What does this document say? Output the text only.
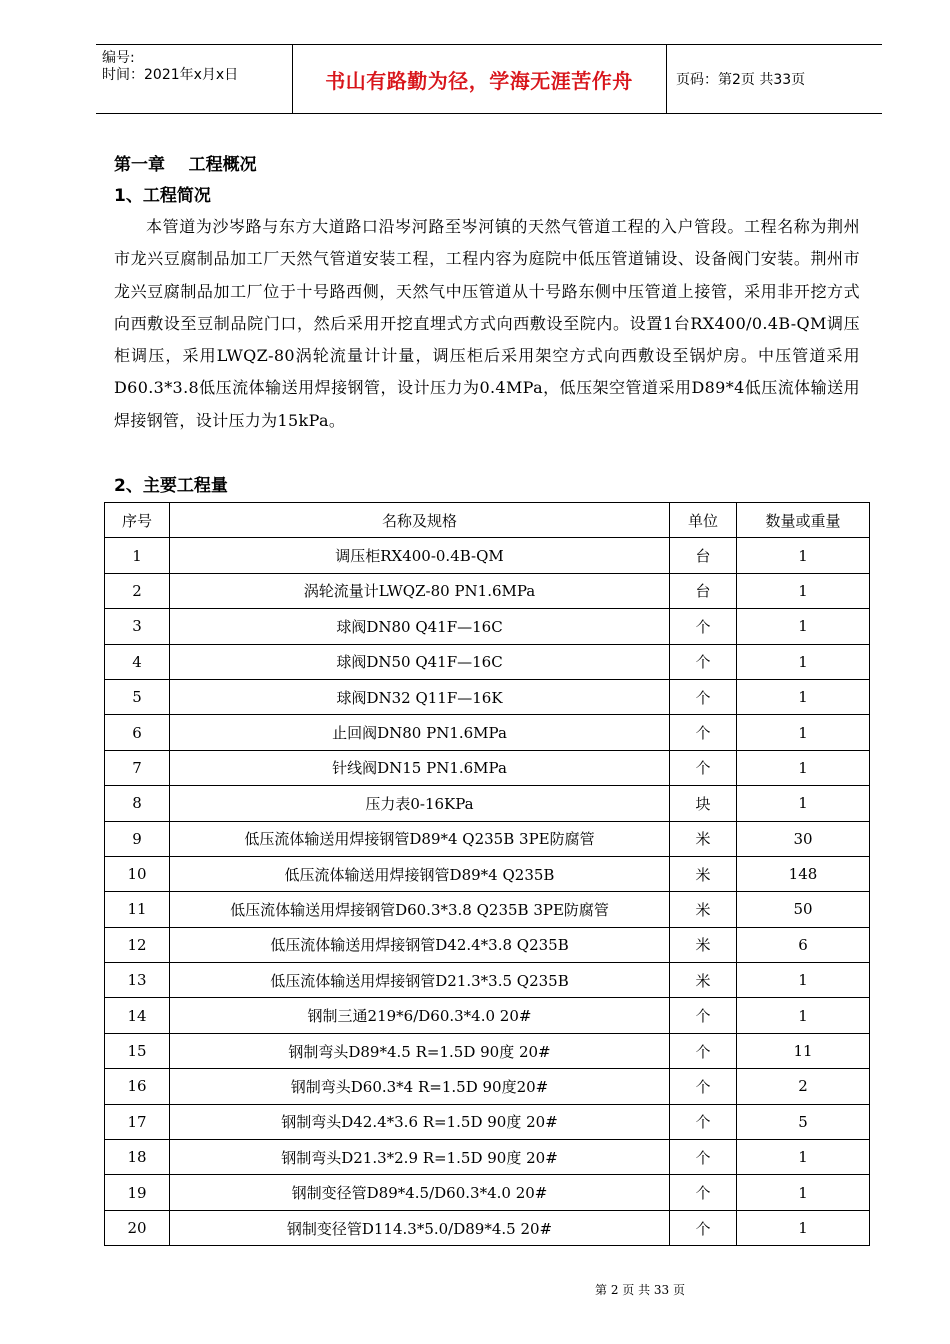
编号:
时间：2021年x月x日	书山有路勤为径，学海无涯苦作舟	页码：第2页 共33页
第一章    工程概况
1、工程简况
本管道为沙岑路与东方大道路口沿岑河路至岑河镇的天然气管道工程的入户管段。工程名称为荆州市龙兴豆腐制品加工厂天然气管道安装工程，工程内容为庭院中低压管道铺设、设备阀门安装。荆州市龙兴豆腐制品加工厂位于十号路西侧，天然气中压管道从十号路东侧中压管道上接管，采用非开挖方式向西敷设至豆制品院门口，然后采用开挖直埋式方式向西敷设至院内。设置1台RX400/0.4B-QM调压柜调压，采用LWQZ-80涡轮流量计计量，调压柜后采用架空方式向西敷设至锅炉房。中压管道采用D60.3*3.8低压流体输送用焊接钢管，设计压力为0.4MPa，低压架空管道采用D89*4低压流体输送用焊接钢管，设计压力为15kPa。
2、主要工程量
序号	名称及规格	单位	数量或重量
1	调压柜RX400-0.4B-QM	台	1
2	涡轮流量计LWQZ-80 PN1.6MPa	台	1
3	球阀DN80 Q41F—16C	个	1
4	球阀DN50 Q41F—16C	个	1
5	球阀DN32 Q11F—16K	个	1
6	止回阀DN80 PN1.6MPa	个	1
7	针线阀DN15 PN1.6MPa	个	1
8	压力表0-16KPa	块	1
9	低压流体输送用焊接钢管D89*4 Q235B 3PE防腐管	米	30
10	低压流体输送用焊接钢管D89*4 Q235B	米	148
11	低压流体输送用焊接钢管D60.3*3.8 Q235B 3PE防腐管	米	50
12	低压流体输送用焊接钢管D42.4*3.8 Q235B	米	6
13	低压流体输送用焊接钢管D21.3*3.5 Q235B	米	1
14	钢制三通219*6/D60.3*4.0 20#	个	1
15	钢制弯头D89*4.5 R=1.5D 90度 20#	个	11
16	钢制弯头D60.3*4 R=1.5D 90度20#	个	2
17	钢制弯头D42.4*3.6 R=1.5D 90度 20#	个	5
18	钢制弯头D21.3*2.9 R=1.5D 90度 20#	个	1
19	钢制变径管D89*4.5/D60.3*4.0 20#	个	1
20	钢制变径管D114.3*5.0/D89*4.5 20#	个	1
第 2 页 共 33 页
